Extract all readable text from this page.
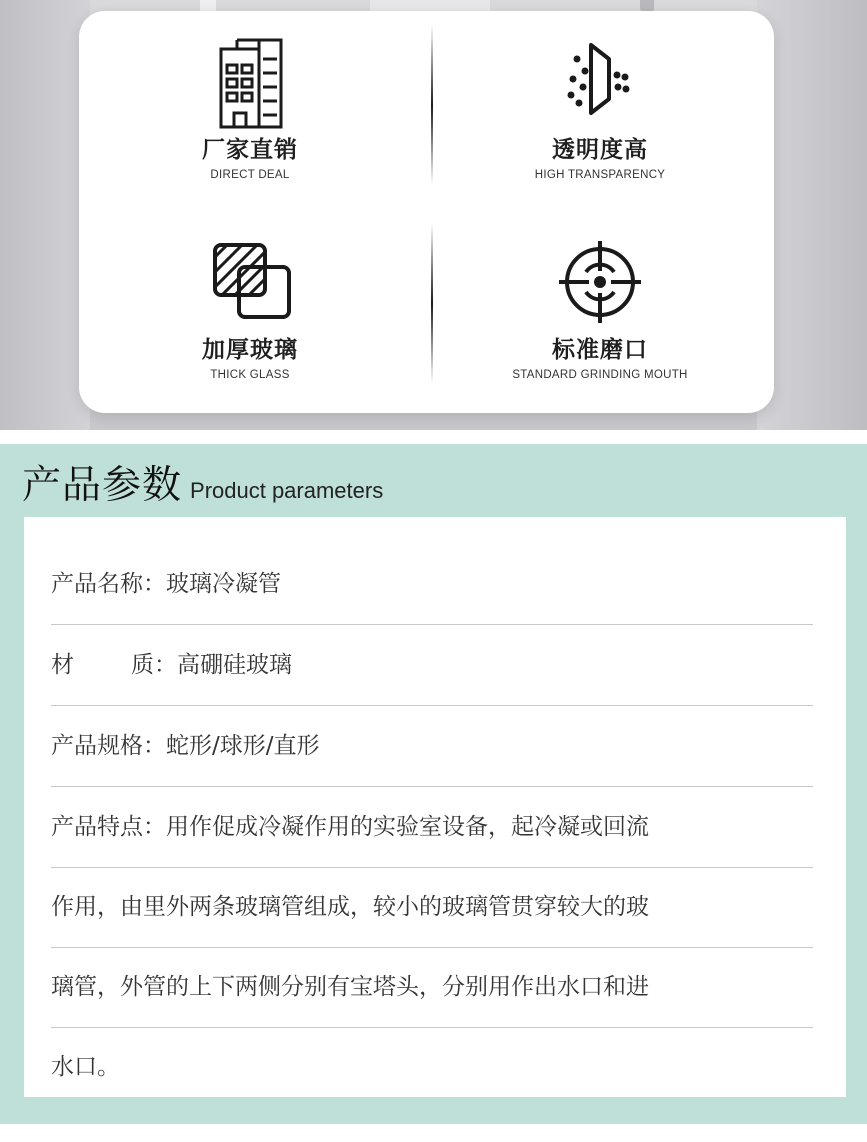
厂家直销
DIRECT DEAL
透明度高
HIGH TRANSPARENCY
加厚玻璃
THICK GLASS
标准磨口
STANDARD GRINDING MOUTH
产品参数 Product parameters
产品名称：玻璃冷凝管
材 质：高硼硅玻璃
产品规格：蛇形/球形/直形
产品特点：用作促成冷凝作用的实验室设备，起冷凝或回流
作用，由里外两条玻璃管组成，较小的玻璃管贯穿较大的玻
璃管，外管的上下两侧分别有宝塔头，分别用作出水口和进
水口。
